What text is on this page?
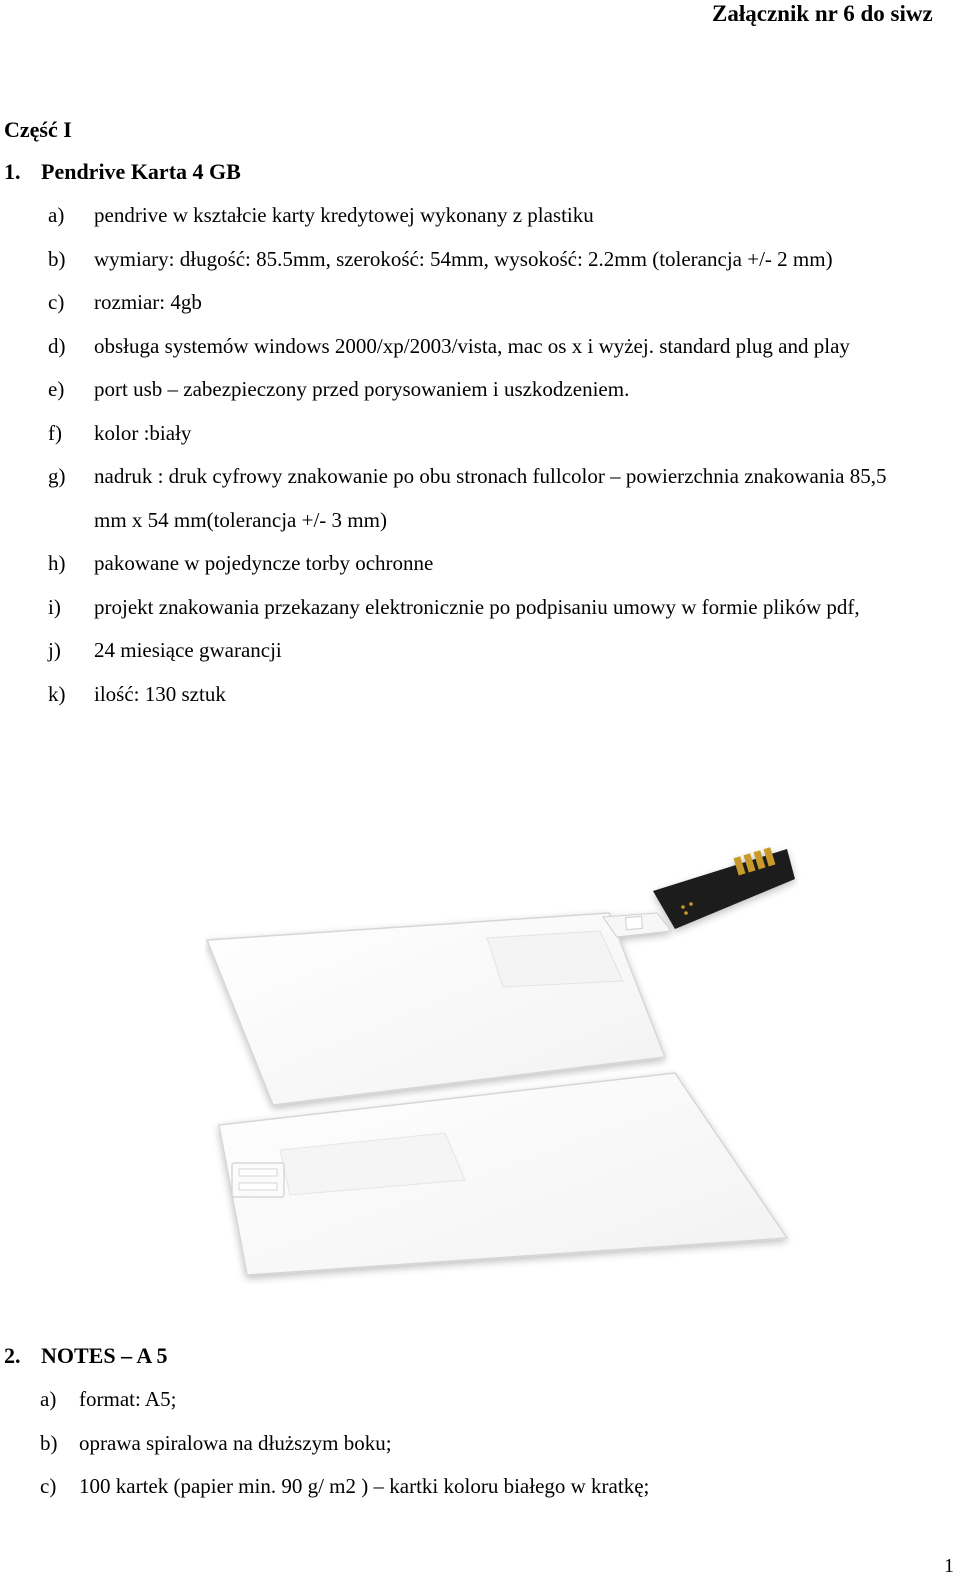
Załącznik nr 6 do siwz
Część I
1. Pendrive Karta 4 GB
a) pendrive w kształcie karty kredytowej wykonany z plastiku
b) wymiary: długość: 85.5mm, szerokość: 54mm, wysokość: 2.2mm (tolerancja +/- 2 mm)
c) rozmiar: 4gb
d) obsługa systemów windows 2000/xp/2003/vista, mac os x i wyżej. standard plug and play
e) port usb – zabezpieczony przed porysowaniem i uszkodzeniem.
f) kolor :biały
g) nadruk : druk cyfrowy znakowanie po obu stronach fullcolor – powierzchnia znakowania 85,5 mm x 54 mm(tolerancja +/- 3 mm)
h) pakowane w pojedyncze torby ochronne
i) projekt znakowania przekazany elektronicznie po podpisaniu umowy w formie plików pdf,
j) 24 miesiące gwarancji
k) ilość: 130 sztuk
2. NOTES – A 5
a) format: A5;
b) oprawa spiralowa na dłuższym boku;
c) 100 kartek (papier min. 90 g/ m2 ) – kartki koloru białego w kratkę;
1
